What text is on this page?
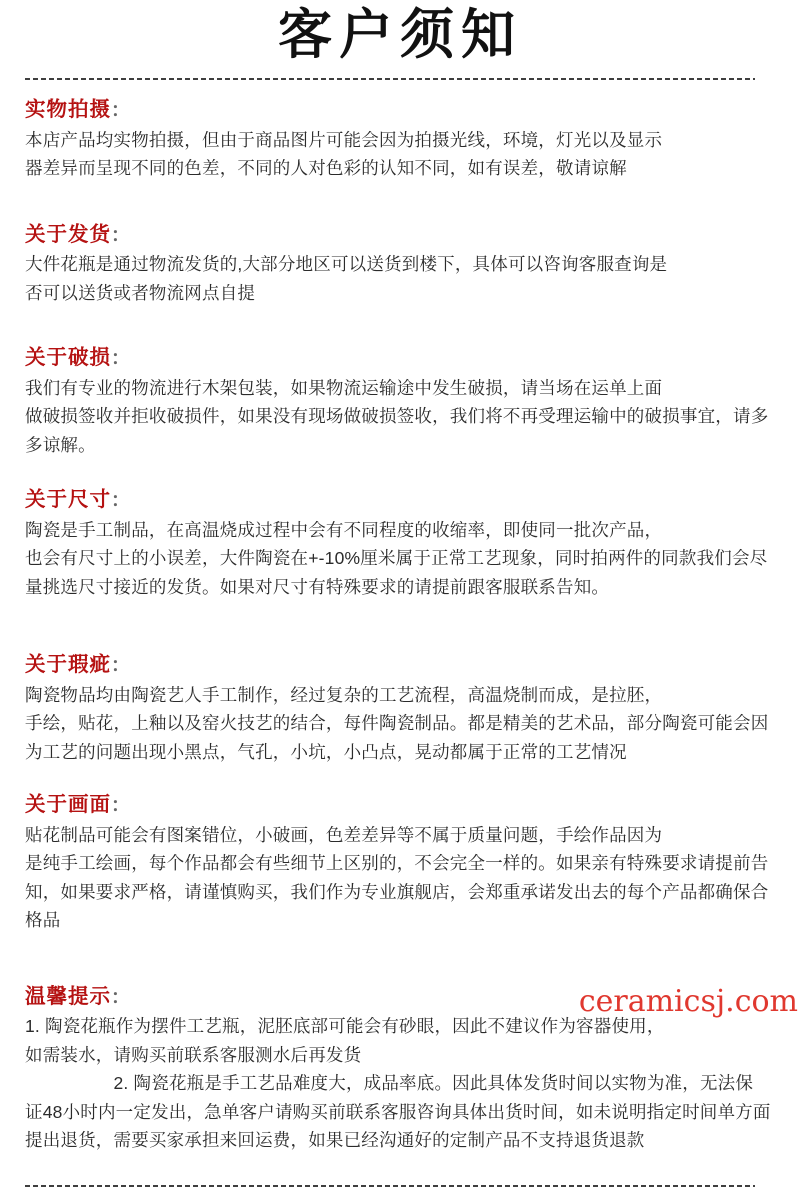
客户须知

实物拍摄：本店产品均实物拍摄，但由于商品图片可能会因为拍摄光线，环境，灯光以及显示
器差异而呈现不同的色差，不同的人对色彩的认知不同，如有误差，敬请谅解

关于发货：大件花瓶是通过物流发货的,大部分地区可以送货到楼下，具体可以咨询客服查询是
否可以送货或者物流网点自提

关于破损：我们有专业的物流进行木架包装，如果物流运输途中发生破损，请当场在运单上面
做破损签收并拒收破损件，如果没有现场做破损签收，我们将不再受理运输中的破损事宜，请多
多谅解。

关于尺寸：陶瓷是手工制品，在高温烧成过程中会有不同程度的收缩率，即使同一批次产品，
也会有尺寸上的小误差，大件陶瓷在+-10%厘米属于正常工艺现象，同时拍两件的同款我们会尽
量挑选尺寸接近的发货。如果对尺寸有特殊要求的请提前跟客服联系告知。

关于瑕疵：陶瓷物品均由陶瓷艺人手工制作，经过复杂的工艺流程，高温烧制而成，是拉胚，
手绘，贴花，上釉以及窑火技艺的结合，每件陶瓷制品。都是精美的艺术品，部分陶瓷可能会因
为工艺的问题出现小黑点，气孔，小坑，小凸点，晃动都属于正常的工艺情况

关于画面：贴花制品可能会有图案错位，小破画，色差差异等不属于质量问题，手绘作品因为
是纯手工绘画，每个作品都会有些细节上区别的，不会完全一样的。如果亲有特殊要求请提前告
知，如果要求严格，请谨慎购买，我们作为专业旗舰店，会郑重承诺发出去的每个产品都确保合
格品

温馨提示：1. 陶瓷花瓶作为摆件工艺瓶，泥胚底部可能会有砂眼，因此不建议作为容器使用，
如需装水，请购买前联系客服测水后再发货
　　　　　2. 陶瓷花瓶是手工艺品难度大，成品率底。因此具体发货时间以实物为准，无法保
证48小时内一定发出，急单客户请购买前联系客服咨询具体出货时间，如未说明指定时间单方面
提出退货，需要买家承担来回运费，如果已经沟通好的定制产品不支持退货退款

ceramicsj.com
